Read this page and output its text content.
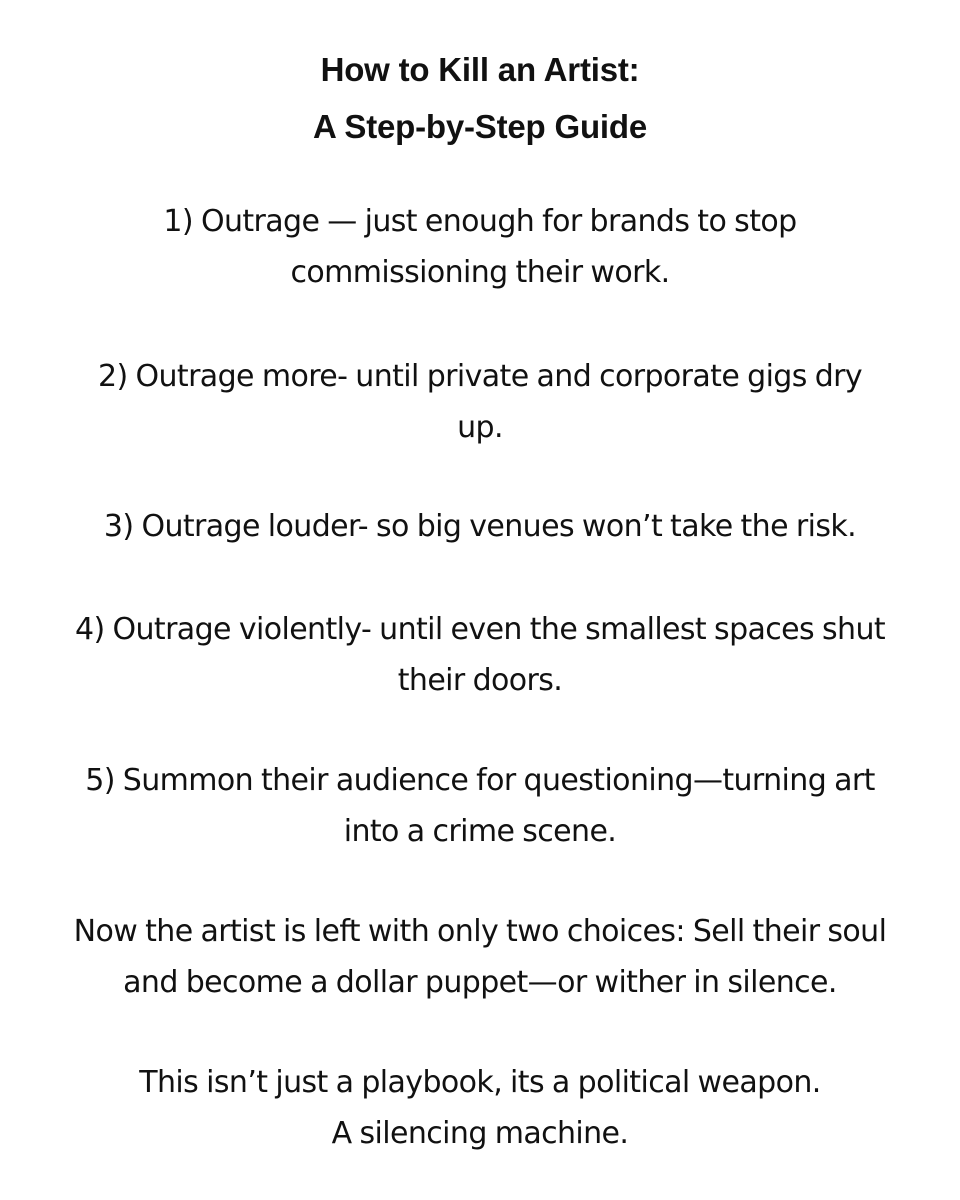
How to Kill an Artist:
A Step-by-Step Guide

1) Outrage — just enough for brands to stop
commissioning their work.

2) Outrage more- until private and corporate gigs dry
up.

3) Outrage louder- so big venues won’t take the risk.

4) Outrage violently- until even the smallest spaces shut
their doors.

5) Summon their audience for questioning—turning art
into a crime scene.

Now the artist is left with only two choices: Sell their soul
and become a dollar puppet—or wither in silence.

This isn’t just a playbook, its a political weapon.
A silencing machine.
